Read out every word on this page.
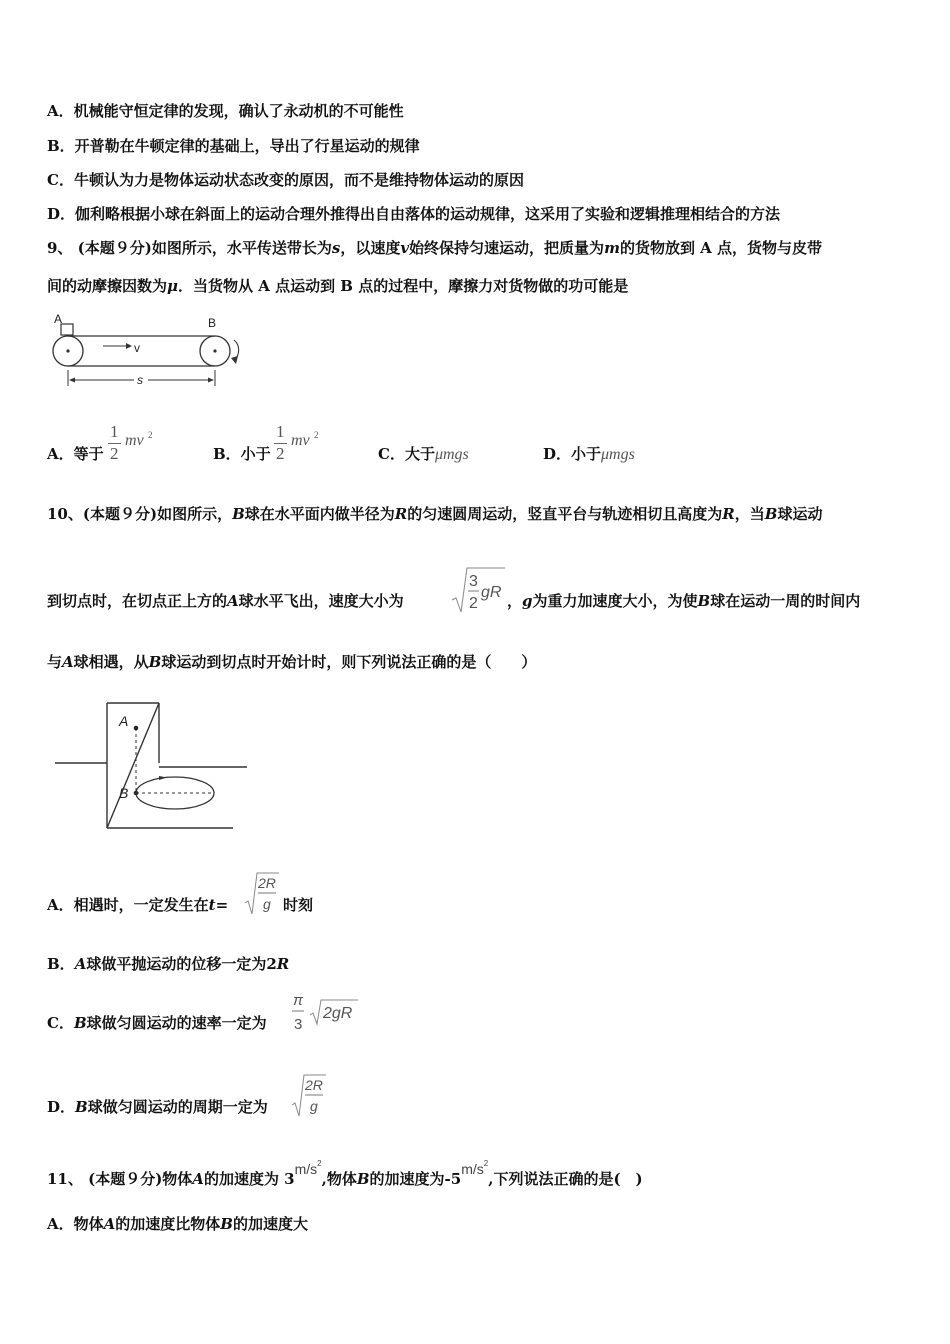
A．机械能守恒定律的发现，确认了永动机的不可能性
B．开普勒在牛顿定律的基础上，导出了行星运动的规律
C．牛顿认为力是物体运动状态改变的原因，而不是维持物体运动的原因
D．伽利略根据小球在斜面上的运动合理外推得出自由落体的运动规律，这采用了实验和逻辑推理相结合的方法
9、 (本题９分)如图所示，水平传送带长为s，以速度v始终保持匀速运动，把质量为m的货物放到 A 点，货物与皮带
间的动摩擦因数为μ．当货物从 A 点运动到 B 点的过程中，摩擦力对货物做的功可能是
A	B
v
s
A．等于
1
2
mv 2
B．小于
1
2
mv 2
C．大于μmgs	D．小于μmgs
10、(本题９分)如图所示，B球在水平面内做半径为R的匀速圆周运动，竖直平台与轨迹相切且高度为R，当B球运动
到切点时，在切点正上方的A球水平飞出，速度大小为
3
2
gR ，g为重力加速度大小，为使B球在运动一周的时间内
与A球相遇，从B球运动到切点时开始计时，则下列说法正确的是（　　）
A
B
A．相遇时，一定发生在t=
2R
g 时刻
B．A球做平抛运动的位移一定为2R
C．B球做匀圆运动的速率一定为
π
3
2gR
D．B球做匀圆运动的周期一定为
2R
g
11、 (本题９分)物体A的加速度为 $3m/s^2$,物体B的加速度为$-5m/s^2$,下列说法正确的是(　)
A．物体A的加速度比物体B的加速度大
